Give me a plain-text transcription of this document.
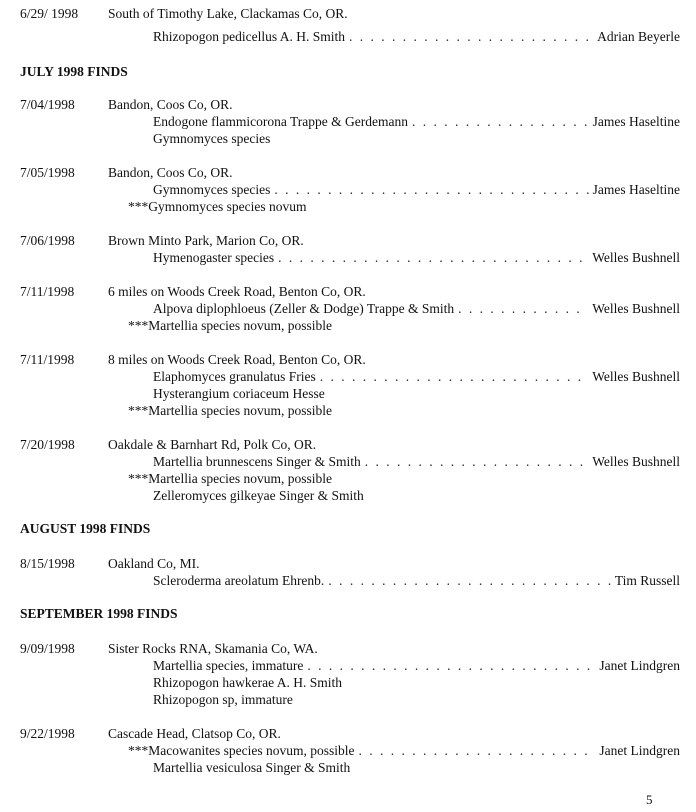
6/29/ 1998 South of Timothy Lake, Clackamas Co, OR.
Rhizopogon pedicellus A. H. Smith . . .	Adrian Beyerle
JULY 1998 FINDS
7/04/1998 Bandon, Coos Co, OR.
Endogone flammicorona Trappe & Gerdemann . . .	James Haseltine
Gymnomyces species
7/05/1998 Bandon, Coos Co, OR.
Gymnomyces species . . .	James Haseltine
***Gymnomyces species novum
7/06/1998 Brown Minto Park, Marion Co, OR.
Hymenogaster species . . .	Welles Bushnell
7/11/1998 6 miles on Woods Creek Road, Benton Co, OR.
Alpova diplophloeus (Zeller & Dodge) Trappe & Smith . . .	Welles Bushnell
***Martellia species novum, possible
7/11/1998 8 miles on Woods Creek Road, Benton Co, OR.
Elaphomyces granulatus Fries . . .	Welles Bushnell
Hysterangium coriaceum Hesse
***Martellia species novum, possible
7/20/1998 Oakdale & Barnhart Rd, Polk Co, OR.
Martellia brunnescens Singer & Smith . . .	Welles Bushnell
***Martellia species novum, possible
Zelleromyces gilkeyae Singer & Smith
AUGUST 1998 FINDS
8/15/1998 Oakland Co, MI.
Scleroderma areolatum Ehrenb. . . .	Tim Russell
SEPTEMBER 1998 FINDS
9/09/1998 Sister Rocks RNA, Skamania Co, WA.
Martellia species, immature . . .	Janet Lindgren
Rhizopogon hawkerae A. H. Smith
Rhizopogon sp, immature
9/22/1998 Cascade Head, Clatsop Co, OR.
***Macowanites species novum, possible . . .	Janet Lindgren
Martellia vesiculosa Singer & Smith
5
